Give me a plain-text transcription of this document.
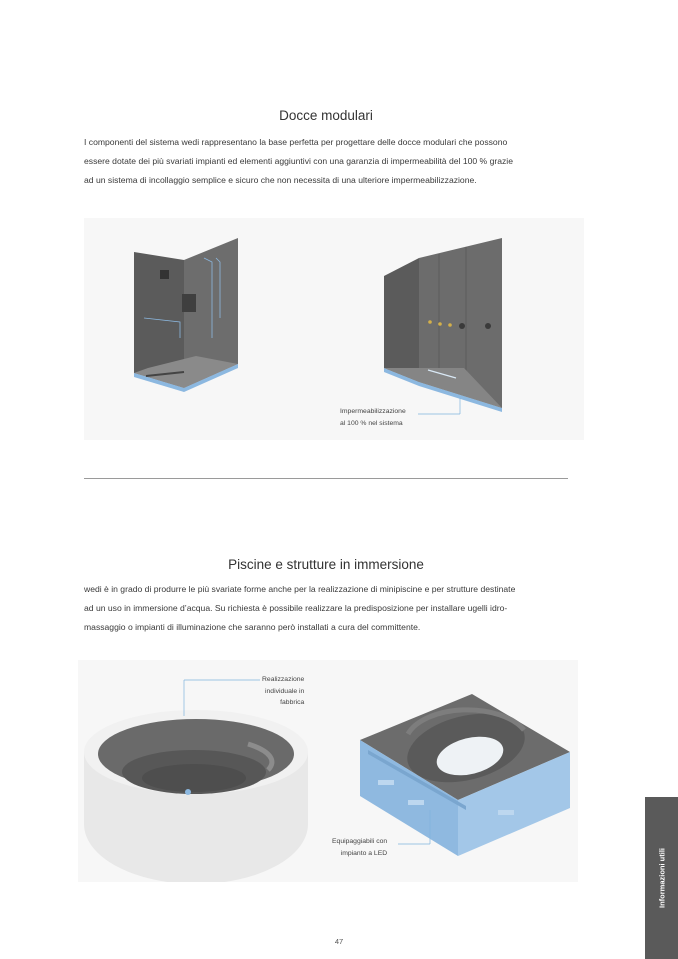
Docce modulari

I componenti del sistema wedi rappresentano la base perfetta per progettare delle docce modulari che possono
essere dotate dei più svariati impianti ed elementi aggiuntivi con una garanzia di impermeabilità del 100 % grazie
ad un sistema di incollaggio semplice e sicuro che non necessita di una ulteriore impermeabilizzazione.

Impermeabilizzazione
al 100 % nel sistema
Piscine e strutture in immersione

wedi è in grado di produrre le più svariate forme anche per la realizzazione di minipiscine e per strutture destinate
ad un uso in immersione d’acqua. Su richiesta è possibile realizzare la predisposizione per installare ugelli idro-
massaggio o impianti di illuminazione che saranno però installati a cura del committente.

Realizzazione
individuale in
fabbrica
Equipaggiabili con
impianto a LED	Informazioni utili
47
